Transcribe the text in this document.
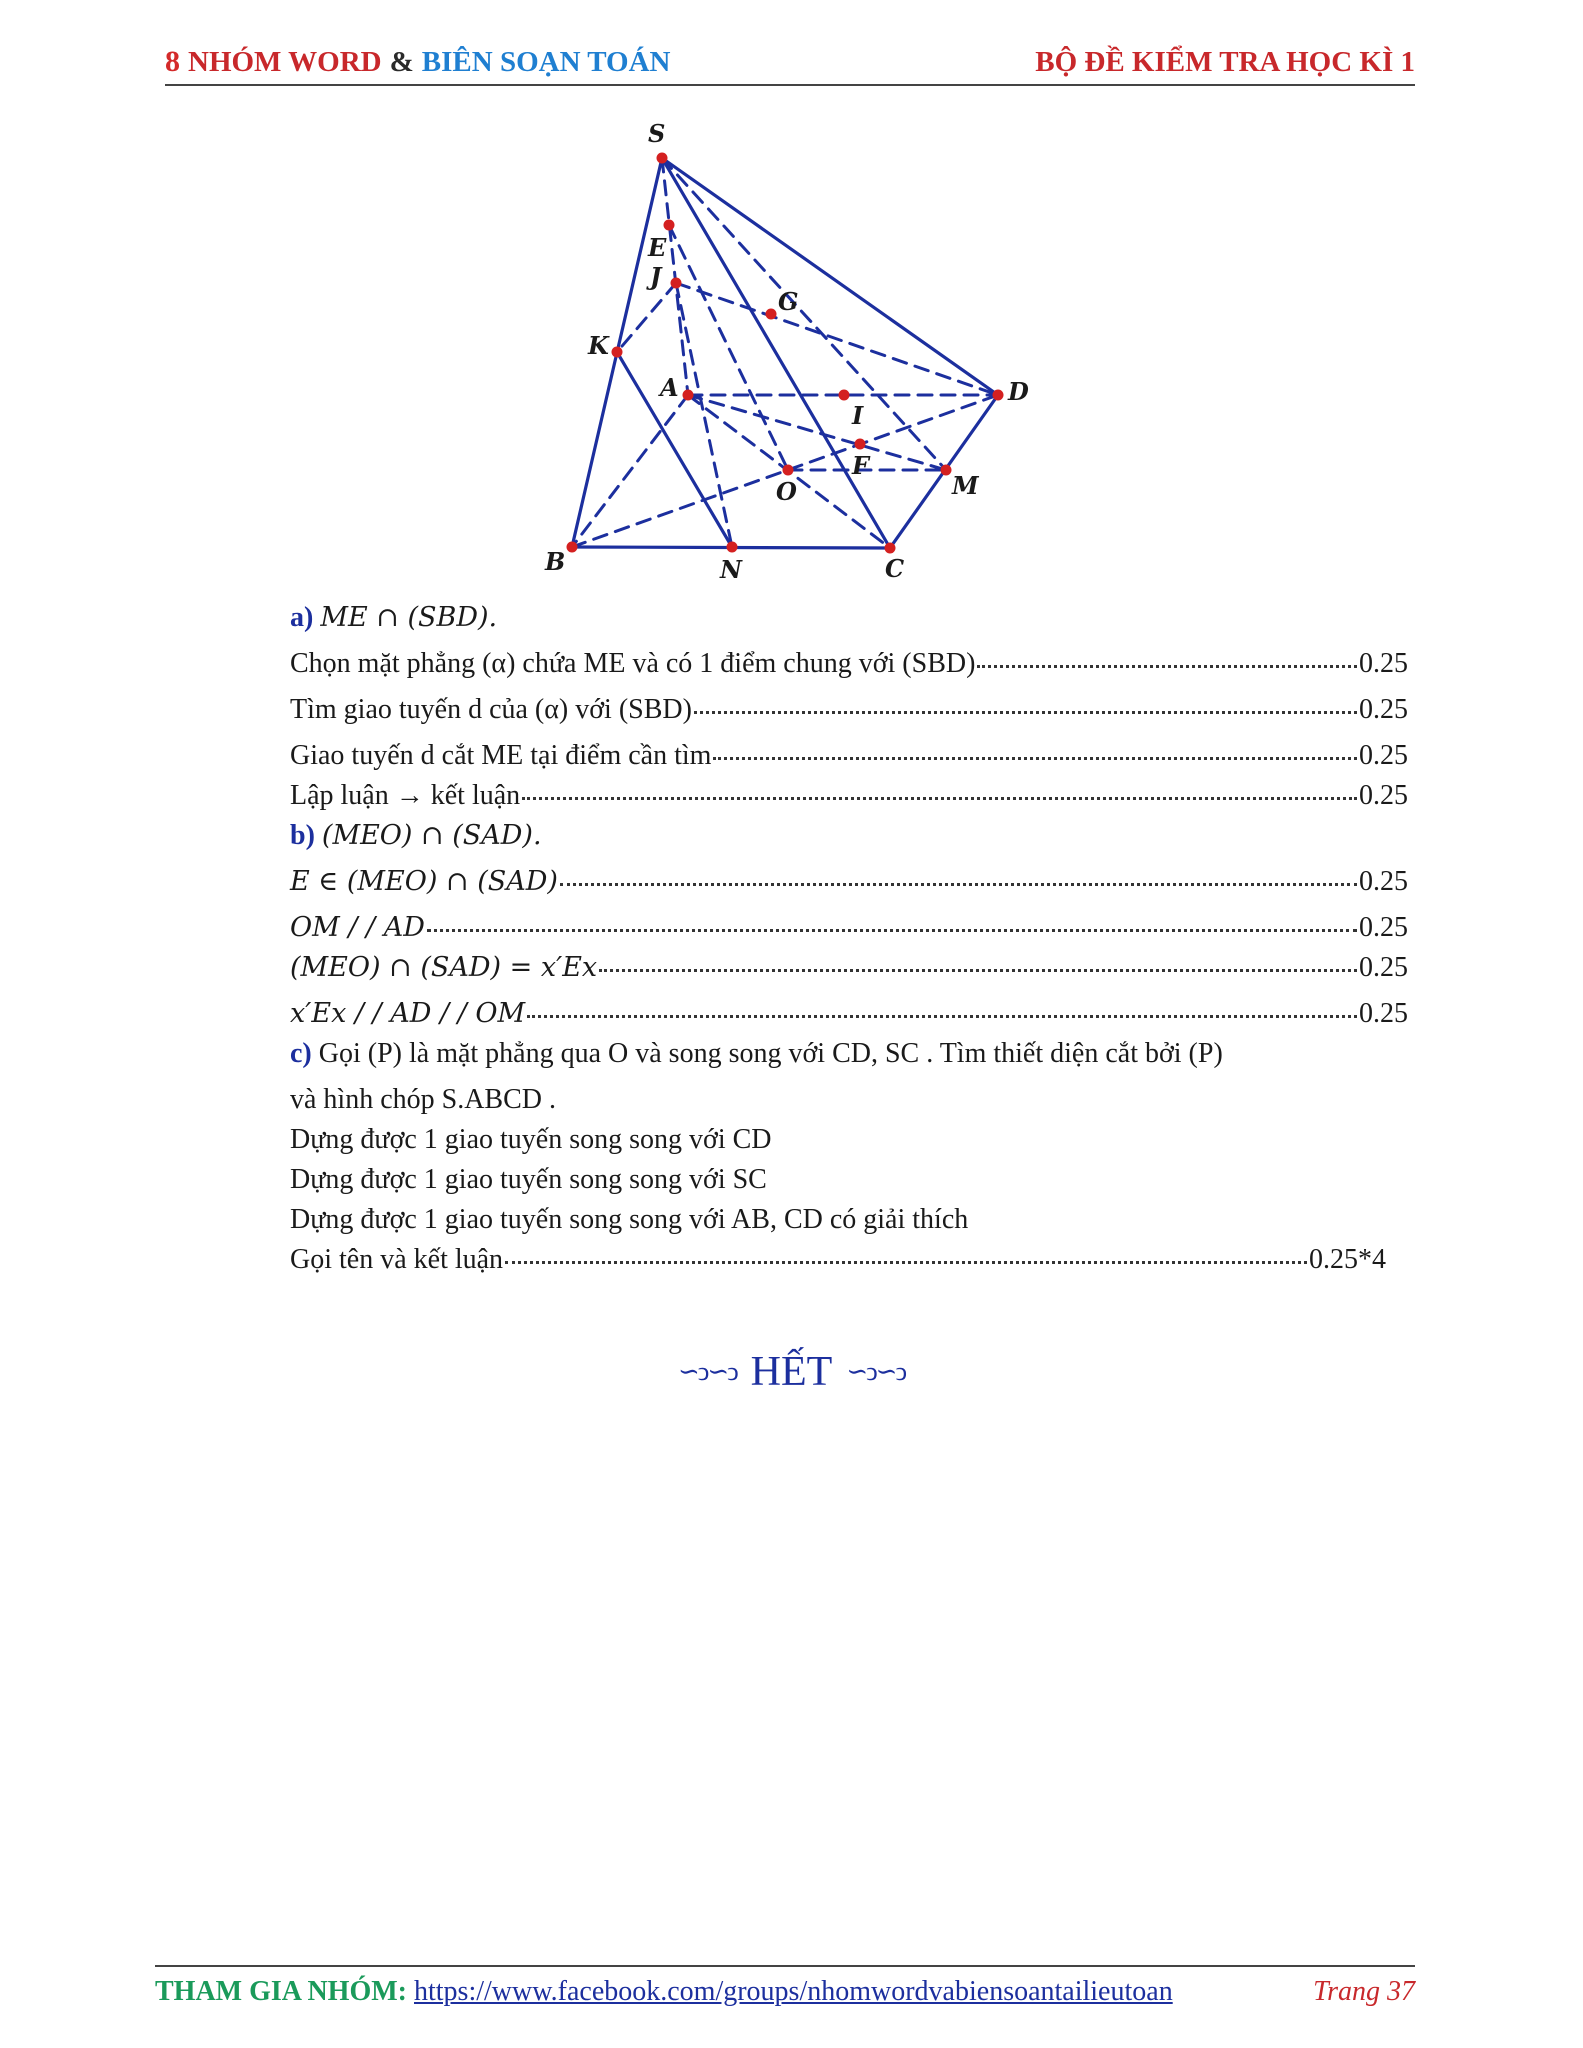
8 NHÓM WORD & BIÊN SOẠN TOÁN	BỘ ĐỀ KIỂM TRA HỌC KÌ 1
S
E
J
G
K
A	D
I
F
O	M
B	N	C
a)
ME ∩ (SBD).
Chọn mặt phẳng (α) chứa ME và có 1 điểm chung với (SBD)	0.25
Tìm giao tuyến d của (α) với (SBD)	0.25
Giao tuyến d cắt ME tại điểm cần tìm	0.25
Lập luận → kết luận	0.25
b)
(MEO) ∩ (SAD).
E ∈ (MEO) ∩ (SAD)	0.25
OM / / AD	0.25
(MEO) ∩ (SAD) = x′Ex	0.25
x′Ex / / AD / / OM	0.25
c)
Gọi (P) là mặt phẳng qua O và song song với CD, SC . Tìm thiết diện cắt bởi (P)
và hình chóp S.ABCD .
Dựng được 1 giao tuyến song song với CD
Dựng được 1 giao tuyến song song với SC
Dựng được 1 giao tuyến song song với AB, CD có giải thích
Gọi tên và kết luận	0.25*4
∽ↄ∽ↄ HẾT ∽ↄ∽ↄ
THAM GIA NHÓM: https://www.facebook.com/groups/nhomwordvabiensoantailieutoan	Trang 37
